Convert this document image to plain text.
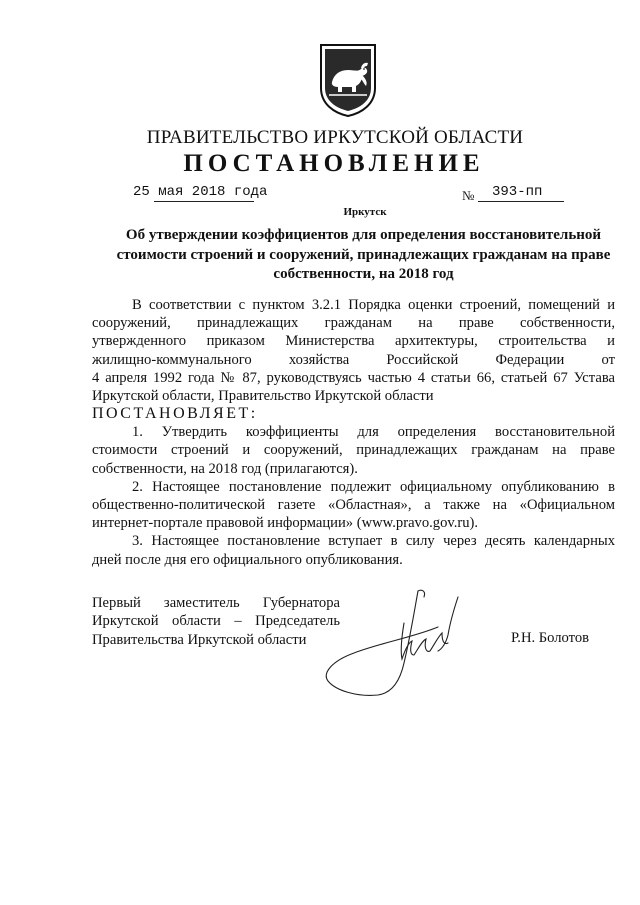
ПРАВИТЕЛЬСТВО ИРКУТСКОЙ ОБЛАСТИ
ПОСТАНОВЛЕНИЕ
25 мая 2018 года	№ 393-пп
Иркутск
Об утверждении коэффициентов для определения восстановительной
стоимости строений и сооружений, принадлежащих гражданам на праве
собственности, на 2018 год

В соответствии с пунктом 3.2.1 Порядка оценки строений, помещений и

сооружений, принадлежащих гражданам на праве собственности,

утвержденного приказом Министерства архитектуры, строительства и

жилищно-коммунального хозяйства Российской Федерации от

4 апреля 1992 года № 87, руководствуясь частью 4 статьи 66, статьей 67 Устава

Иркутской области, Правительство Иркутской области

ПОСТАНОВЛЯЕТ:

1. Утвердить коэффициенты для определения восстановительной

стоимости строений и сооружений, принадлежащих гражданам на праве

собственности, на 2018 год (прилагаются).

2. Настоящее постановление подлежит официальному опубликованию в

общественно-политической газете «Областная», а также на «Официальном

интернет-портале правовой информации» (www.pravo.gov.ru).

3. Настоящее постановление вступает в силу через десять календарных

дней после дня его официального опубликования.

Первый заместитель Губернатора
Иркутской области – Председатель
Правительства Иркутской области	Р.Н. Болотов
